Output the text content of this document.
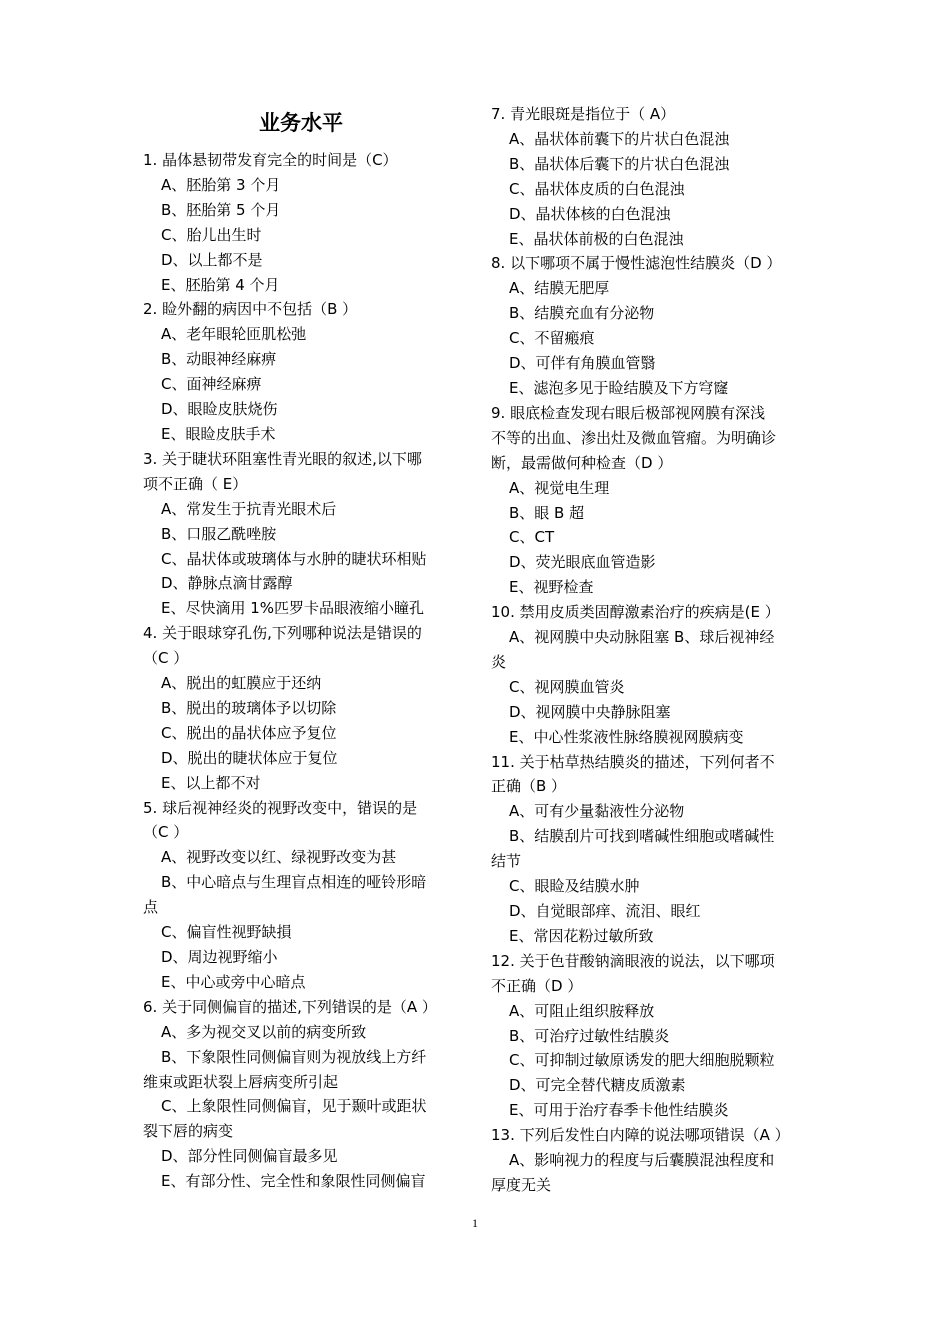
业务水平
1. 晶体悬韧带发育完全的时间是（C）
A、胚胎第 3 个月
B、胚胎第 5 个月
C、胎儿出生时
D、以上都不是
E、胚胎第 4 个月
2. 睑外翻的病因中不包括（B ）
A、老年眼轮匝肌松弛
B、动眼神经麻痹
C、面神经麻痹
D、眼睑皮肤烧伤
E、眼睑皮肤手术
3. 关于睫状环阻塞性青光眼的叙述,以下哪
项不正确（ E）
A、常发生于抗青光眼术后
B、口服乙酰唑胺
C、晶状体或玻璃体与水肿的睫状环相贴
D、静脉点滴甘露醇
E、尽快滴用 1%匹罗卡品眼液缩小瞳孔
4. 关于眼球穿孔伤,下列哪种说法是错误的
（C ）
A、脱出的虹膜应于还纳
B、脱出的玻璃体予以切除
C、脱出的晶状体应予复位
D、脱出的睫状体应于复位
E、以上都不对
5. 球后视神经炎的视野改变中，错误的是
（C ）
A、视野改变以红、绿视野改变为甚
B、中心暗点与生理盲点相连的哑铃形暗
点
C、偏盲性视野缺損
D、周边视野缩小
E、中心或旁中心暗点
6. 关于同侧偏盲的描述,下列错误的是（A ）
A、多为视交叉以前的病变所致
B、下象限性同侧偏盲则为视放线上方纤
维束或距状裂上唇病变所引起
C、上象限性同侧偏盲，见于颞叶或距状
裂下唇的病变
D、部分性同侧偏盲最多见
E、有部分性、完全性和象限性同侧偏盲
7. 青光眼斑是指位于（ A）
A、晶状体前囊下的片状白色混浊
B、晶状体后囊下的片状白色混浊
C、晶状体皮质的白色混浊
D、晶状体核的白色混浊
E、晶状体前极的白色混浊
8. 以下哪项不属于慢性滤泡性结膜炎（D ）
A、结膜无肥厚
B、结膜充血有分泌物
C、不留瘢痕
D、可伴有角膜血管翳
E、滤泡多见于睑结膜及下方穹窿
9. 眼底检查发现右眼后极部视网膜有深浅
不等的出血、渗出灶及微血管瘤。为明确诊
断，最需做何种检查（D ）
A、视觉电生理
B、眼 B 超
C、CT
D、荧光眼底血管造影
E、视野检查
10. 禁用皮质类固醇激素治疗的疾病是(E ）
A、视网膜中央动脉阻塞 B、球后视神经
炎
C、视网膜血管炎
D、视网膜中央静脉阻塞
E、中心性浆液性脉络膜视网膜病变
11. 关于枯草热结膜炎的描述，下列何者不
正确（B ）
A、可有少量黏液性分泌物
B、结膜刮片可找到嗜碱性细胞或嗜碱性
结节
C、眼睑及结膜水肿
D、自觉眼部痒、流泪、眼红
E、常因花粉过敏所致
12. 关于色苷酸钠滴眼液的说法，以下哪项
不正确（D ）
A、可阻止组织胺释放
B、可治疗过敏性结膜炎
C、可抑制过敏原诱发的肥大细胞脱颗粒
D、可完全替代糖皮质激素
E、可用于治疗春季卡他性结膜炎
13. 下列后发性白内障的说法哪项错误（A ）
A、影响视力的程度与后囊膜混浊程度和
厚度无关
1
